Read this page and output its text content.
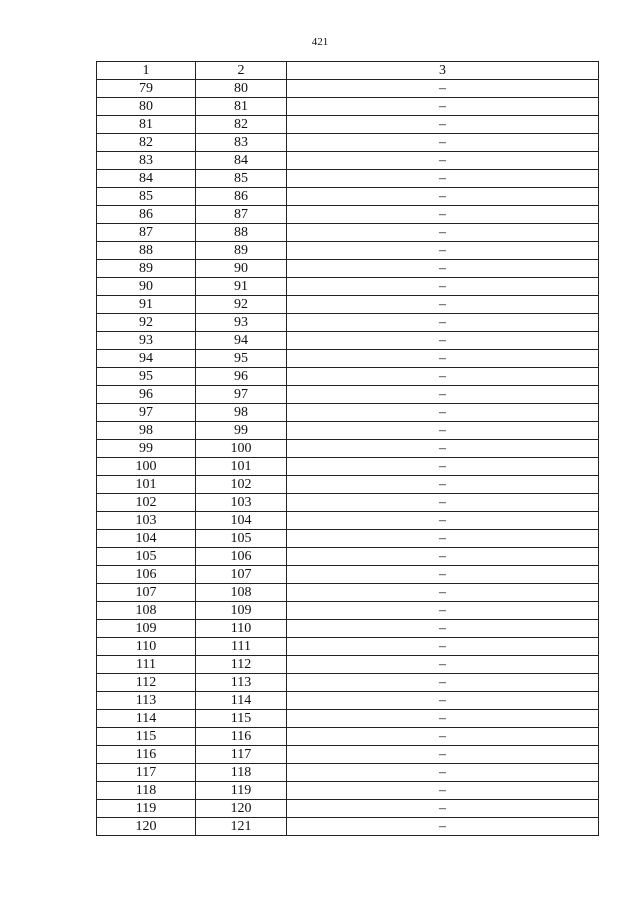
421
1	2	3
79	80	–
80	81	–
81	82	–
82	83	–
83	84	–
84	85	–
85	86	–
86	87	–
87	88	–
88	89	–
89	90	–
90	91	–
91	92	–
92	93	–
93	94	–
94	95	–
95	96	–
96	97	–
97	98	–
98	99	–
99	100	–
100	101	–
101	102	–
102	103	–
103	104	–
104	105	–
105	106	–
106	107	–
107	108	–
108	109	–
109	110	–
110	111	–
111	112	–
112	113	–
113	114	–
114	115	–
115	116	–
116	117	–
117	118	–
118	119	–
119	120	–
120	121	–
